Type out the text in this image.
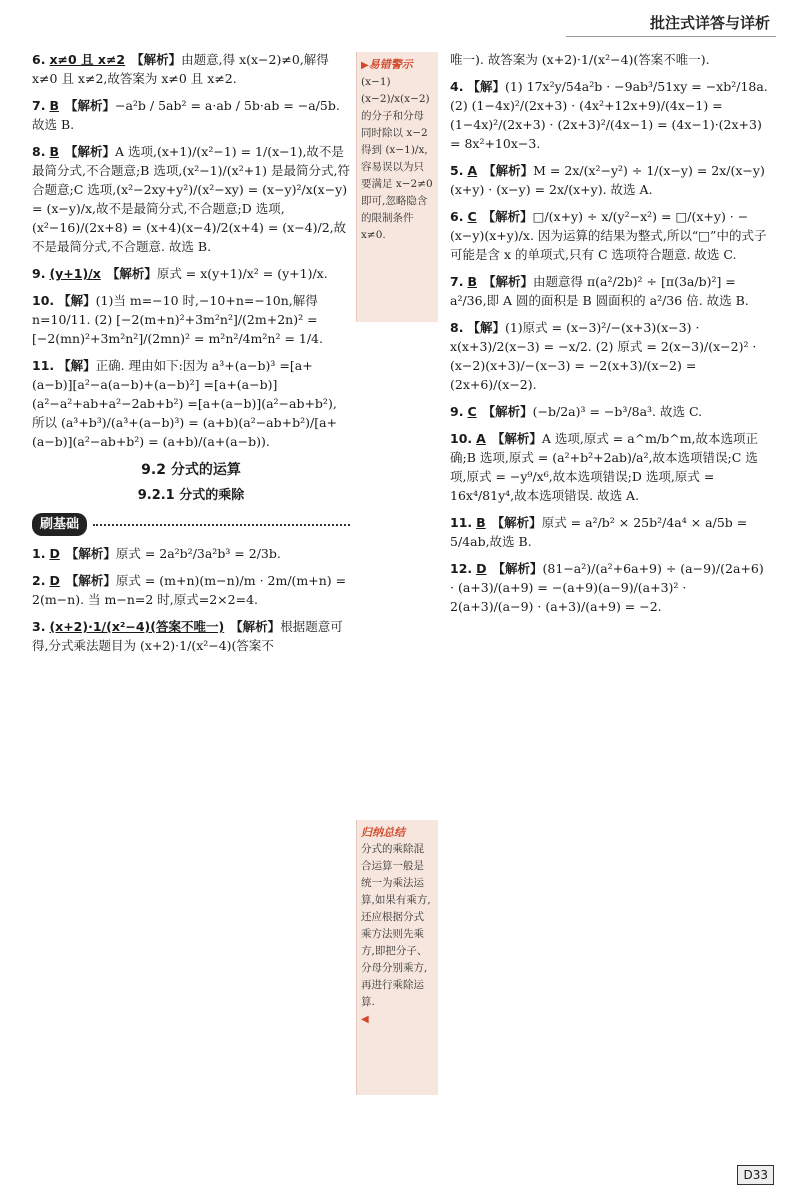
批注式详答与详析
6. x≠0 且 x≠2 【解析】由题意,得 x(x−2)≠0,解得 x≠0 且 x≠2,故答案为 x≠0 且 x≠2.
7. B 【解析】−a²b / 5ab² = a·ab / 5b·ab = −a/5b. 故选 B.
8. B 【解析】A 选项,(x+1)/(x²−1) = 1/(x−1),故不是最简分式,不合题意;B 选项,(x²−1)/(x²+1) 是最简分式,符合题意;C 选项,(x²−2xy+y²)/(x²−xy) = (x−y)²/x(x−y) = (x−y)/x,故不是最简分式,不合题意;D 选项,(x²−16)/(2x+8) = (x+4)(x−4)/2(x+4) = (x−4)/2,故不是最简分式,不合题意. 故选 B.
9. (y+1)/x 【解析】原式 = x(y+1)/x² = (y+1)/x.
10. 【解】(1)当 m=−10 时,−10+n=−10n,解得 n=10/11. (2) [−2(m+n)²+3m²n²]/(2m+2n)² = [−2(mn)²+3m²n²]/(2mn)² = m²n²/4m²n² = 1/4.
11. 【解】正确. 理由如下:因为 a³+(a−b)³ =[a+(a−b)][a²−a(a−b)+(a−b)²] =[a+(a−b)](a²−a²+ab+a²−2ab+b²) =[a+(a−b)](a²−ab+b²), 所以 (a³+b³)/(a³+(a−b)³) = (a+b)(a²−ab+b²)/[a+(a−b)](a²−ab+b²) = (a+b)/(a+(a−b)).
9.2 分式的运算
9.2.1 分式的乘除
刷基础
1. D 【解析】原式 = 2a²b²/3a²b³ = 2/3b.
2. D 【解析】原式 = (m+n)(m−n)/m · 2m/(m+n) = 2(m−n). 当 m−n=2 时,原式=2×2=4.
3. (x+2)·1/(x²−4)(答案不唯一) 【解析】根据题意可得,分式乘法题目为 (x+2)·1/(x²−4)(答案不
▶易错警示
(x−1)(x−2)/x(x−2) 的分子和分母同时除以 x−2 得到 (x−1)/x,容易误以为只要满足 x−2≠0 即可,忽略隐含的限制条件 x≠0.
归纳总结
分式的乘除混合运算一般是统一为乘法运算,如果有乘方,还应根据分式乘方法则先乘方,即把分子、分母分别乘方,再进行乘除运算.
◀
唯一). 故答案为 (x+2)·1/(x²−4)(答案不唯一).
4. 【解】(1) 17x²y/54a²b · −9ab³/51xy = −xb²/18a. (2) (1−4x)²/(2x+3) · (4x²+12x+9)/(4x−1) = (1−4x)²/(2x+3) · (2x+3)²/(4x−1) = (4x−1)·(2x+3) = 8x²+10x−3.
5. A 【解析】M = 2x/(x²−y²) ÷ 1/(x−y) = 2x/(x−y)(x+y) · (x−y) = 2x/(x+y). 故选 A.
6. C 【解析】□/(x+y) ÷ x/(y²−x²) = □/(x+y) · −(x−y)(x+y)/x. 因为运算的结果为整式,所以“□”中的式子可能是含 x 的单项式,只有 C 选项符合题意. 故选 C.
7. B 【解析】由题意得 π(a²/2b)² ÷ [π(3a/b)²] = a²/36,即 A 圆的面积是 B 圆面积的 a²/36 倍. 故选 B.
8. 【解】(1)原式 = (x−3)²/−(x+3)(x−3) · x(x+3)/2(x−3) = −x/2. (2) 原式 = 2(x−3)/(x−2)² · (x−2)(x+3)/−(x−3) = −2(x+3)/(x−2) = (2x+6)/(x−2).
9. C 【解析】(−b/2a)³ = −b³/8a³. 故选 C.
10. A 【解析】A 选项,原式 = a^m/b^m,故本选项正确;B 选项,原式 = (a²+b²+2ab)/a²,故本选项错误;C 选项,原式 = −y⁹/x⁶,故本选项错误;D 选项,原式 = 16x⁴/81y⁴,故本选项错误. 故选 A.
11. B 【解析】原式 = a²/b² × 25b²/4a⁴ × a/5b = 5/4ab,故选 B.
12. D 【解析】(81−a²)/(a²+6a+9) ÷ (a−9)/(2a+6) · (a+3)/(a+9) = −(a+9)(a−9)/(a+3)² · 2(a+3)/(a−9) · (a+3)/(a+9) = −2.
D33
